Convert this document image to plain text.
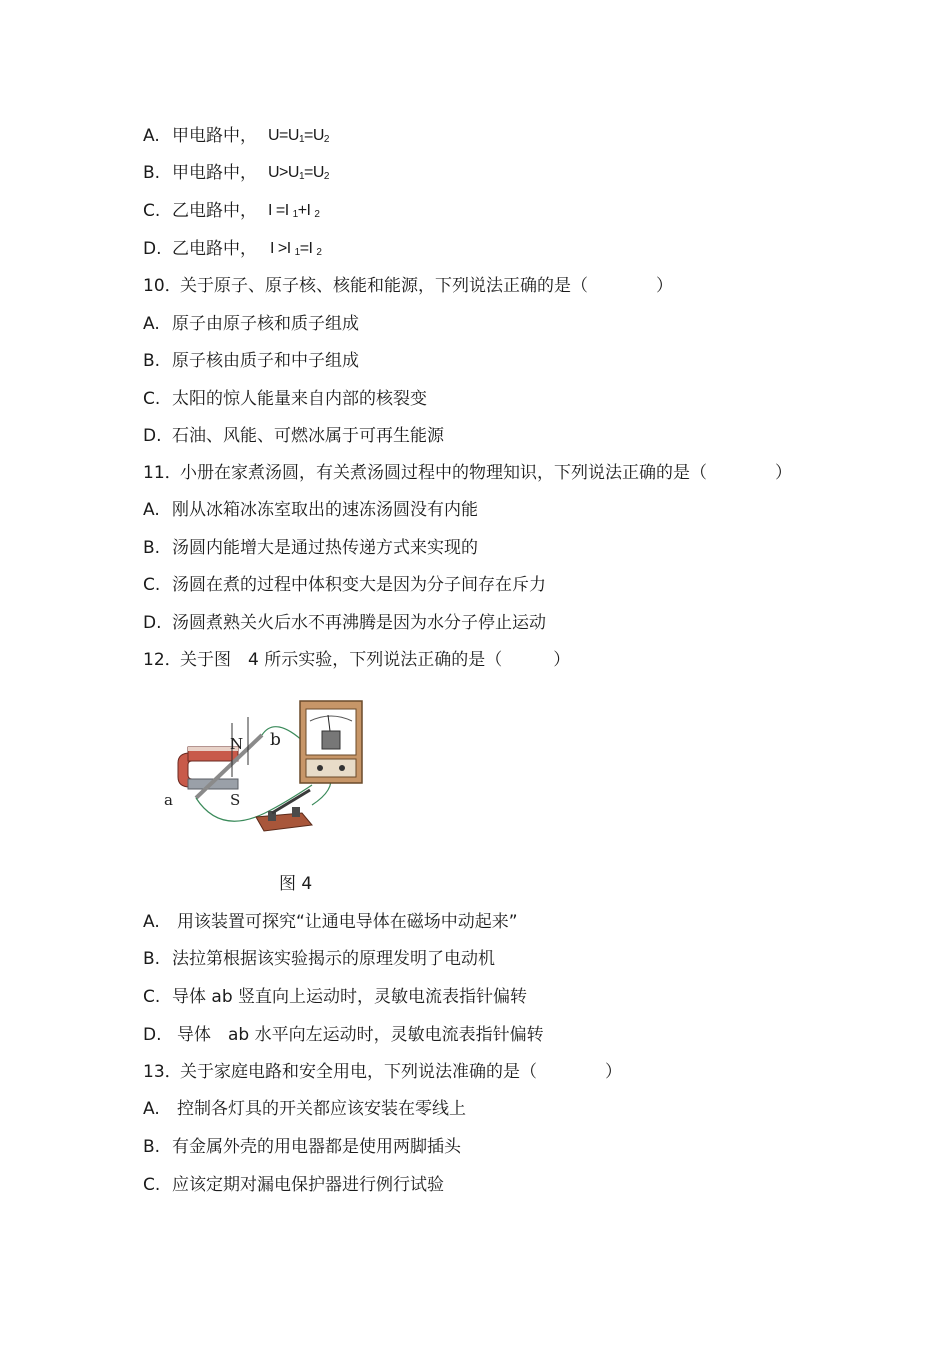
A. 甲电路中， $U=U_1=U_2$
B. 甲电路中， $U>U_1=U_2$
C. 乙电路中， I =I $_1$+I $_2$
D. 乙电路中， I >I $_1$=I $_2$
10．
关于原子、原子核、核能和能源，下列说法正确的是（　　　　）
A. 原子由原子核和质子组成
B. 原子核由质子和中子组成
C. 太阳的惊人能量来自内部的核裂变
D. 石油、风能、可燃冰属于可再生能源
11．
小册在家煮汤圆，有关煮汤圆过程中的物理知识，下列说法正确的是（　　　　）
A. 刚从冰箱冰冻室取出的速冻汤圆没有内能
B. 汤圆内能增大是通过热传递方式来实现的
C. 汤圆在煮的过程中体积变大是因为分子间存在斥力
D. 汤圆煮熟关火后水不再沸腾是因为水分子停止运动
12．
关于图　4 所示实验，下列说法正确的是（　　　）
N
S
a
b
图 4
A. 用该装置可探究“让通电导体在磁场中动起来”
B. 法拉第根据该实验揭示的原理发明了电动机
C. 导体 ab 竖直向上运动时，灵敏电流表指针偏转
D. 导体　ab 水平向左运动时，灵敏电流表指针偏转
13．
关于家庭电路和安全用电，下列说法准确的是（　　　　）
A. 控制各灯具的开关都应该安装在零线上
B. 有金属外壳的用电器都是使用两脚插头
C. 应该定期对漏电保护器进行例行试验
